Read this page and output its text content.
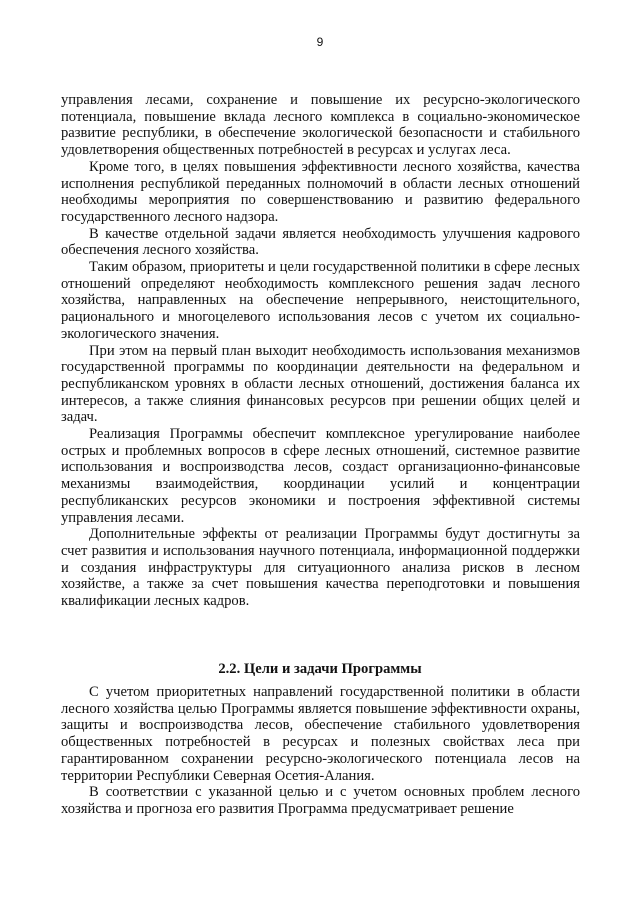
9

управления лесами, сохранение и повышение их ресурсно-экологического потенциала, повышение вклада лесного комплекса в социально-экономическое развитие республики, в обеспечение экологической безопасности и стабильного удовлетворения общественных потребностей в ресурсах и услугах леса.

Кроме того, в целях повышения эффективности лесного хозяйства, качества исполнения республикой переданных полномочий в области лесных отношений необходимы мероприятия по совершенствованию и развитию федерального государственного лесного надзора.

В качестве отдельной задачи является необходимость улучшения кадрового обеспечения лесного хозяйства.

Таким образом, приоритеты и цели государственной политики в сфере лесных отношений определяют необходимость комплексного решения задач лесного хозяйства, направленных на обеспечение непрерывного, неистощительного, рационального и многоцелевого использования лесов с учетом их социально-экологического значения.

При этом на первый план выходит необходимость использования механизмов государственной программы по координации деятельности на федеральном и республиканском уровнях в области лесных отношений, достижения баланса их интересов, а также слияния финансовых ресурсов при решении общих целей и задач.

Реализация Программы обеспечит комплексное урегулирование наиболее острых и проблемных вопросов в сфере лесных отношений, системное развитие использования и воспроизводства лесов, создаст организационно-финансовые механизмы взаимодействия, координации усилий и концентрации республиканских ресурсов экономики и построения эффективной системы управления лесами.

Дополнительные эффекты от реализации Программы будут достигнуты за счет развития и использования научного потенциала, информационной поддержки и создания инфраструктуры для ситуационного анализа рисков в лесном хозяйстве, а также за счет повышения качества переподготовки и повышения квалификации лесных кадров.

2.2. Цели и задачи Программы

С учетом приоритетных направлений государственной политики в области лесного хозяйства целью Программы является повышение эффективности охраны, защиты и воспроизводства лесов, обеспечение стабильного удовлетворения общественных потребностей в ресурсах и полезных свойствах леса при гарантированном сохранении ресурсно-экологического потенциала лесов на территории Республики Северная Осетия-Алания.

В соответствии с указанной целью и с учетом основных проблем лесного хозяйства и прогноза его развития Программа предусматривает решение
